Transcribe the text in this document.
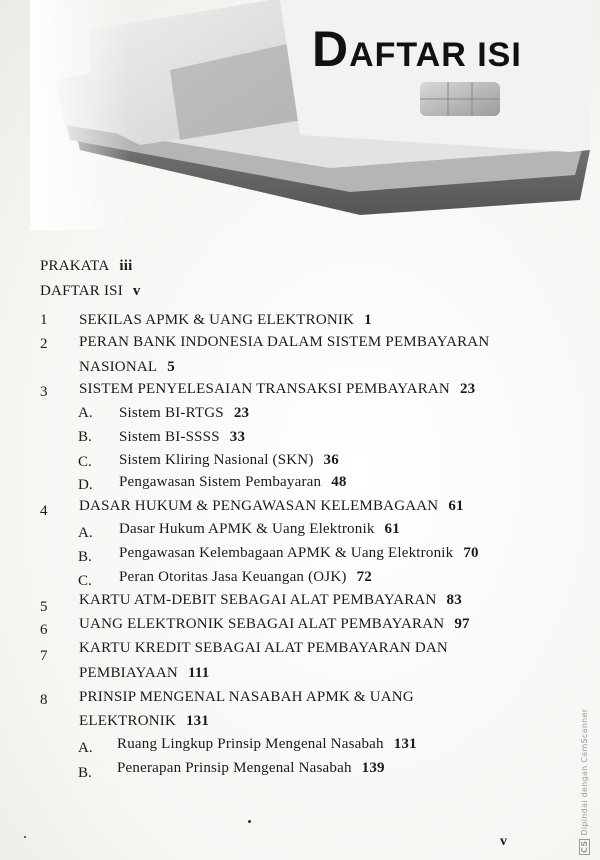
DAFTAR ISI
PRAKATA iii
DAFTAR ISI v
1 SEKILAS APMK & UANG ELEKTRONIK 1
2 PERAN BANK INDONESIA DALAM SISTEM PEMBAYARAN
NASIONAL 5
3 SISTEM PENYELESAIAN TRANSAKSI PEMBAYARAN 23
A. Sistem BI-RTGS 23
B. Sistem BI-SSSS 33
C. Sistem Kliring Nasional (SKN) 36
D. Pengawasan Sistem Pembayaran 48
4 DASAR HUKUM & PENGAWASAN KELEMBAGAAN 61
A. Dasar Hukum APMK & Uang Elektronik 61
B. Pengawasan Kelembagaan APMK & Uang Elektronik 70
C. Peran Otoritas Jasa Keuangan (OJK) 72
5 KARTU ATM-DEBIT SEBAGAI ALAT PEMBAYARAN 83
6 UANG ELEKTRONIK SEBAGAI ALAT PEMBAYARAN 97
7 KARTU KREDIT SEBAGAI ALAT PEMBAYARAN DAN
PEMBIAYAAN 111
8 PRINSIP MENGENAL NASABAH APMK & UANG
ELEKTRONIK 131
A. Ruang Lingkup Prinsip Mengenal Nasabah 131
B. Penerapan Prinsip Mengenal Nasabah 139
v	CSDipindai dengan CamScanner
